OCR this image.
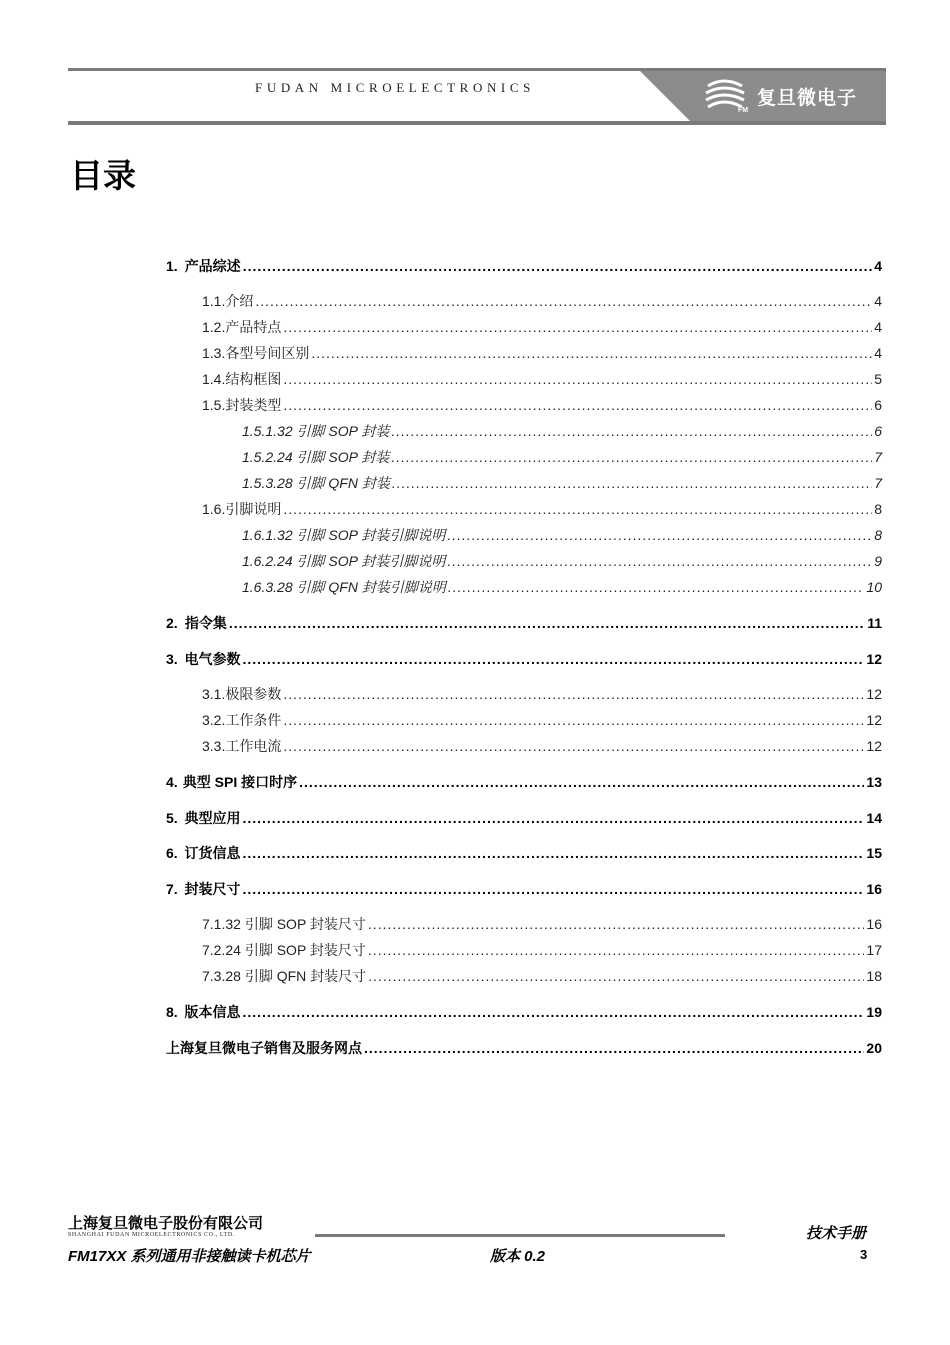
FUDAN MICROELECTRONICS
FM
复旦微电子
目录
1. 产品综述 .....	4
1.1. 介绍 .....	4
1.2. 产品特点 .....	4
1.3. 各型号间区别 .....	4
1.4. 结构框图 .....	5
1.5. 封装类型 .....	6
1.5.1. 32 引脚 SOP 封装 .....	6
1.5.2. 24 引脚 SOP 封装 .....	7
1.5.3. 28 引脚 QFN 封装 .....	7
1.6. 引脚说明 .....	8
1.6.1. 32 引脚 SOP 封装引脚说明 .....	8
1.6.2. 24 引脚 SOP 封装引脚说明 .....	9
1.6.3. 28 引脚 QFN 封装引脚说明 .....	10
2. 指令集 .....	11
3. 电气参数 .....	12
3.1. 极限参数 .....	12
3.2. 工作条件 .....	12
3.3. 工作电流 .....	12
4. 典型 SPI 接口时序 .....	13
5. 典型应用 .....	14
6. 订货信息 .....	15
7. 封装尺寸 .....	16
7.1. 32 引脚 SOP 封装尺寸 .....	16
7.2. 24 引脚 SOP 封装尺寸 .....	17
7.3. 28 引脚 QFN 封装尺寸 .....	18
8. 版本信息 .....	19
上海复旦微电子销售及服务网点 .....	20
上海复旦微电子股份有限公司
SHANGHAI FUDAN MICROELECTRONICS CO., LTD.	技术手册
FM17XX 系列通用非接触读卡机芯片	版本 0.2	3
